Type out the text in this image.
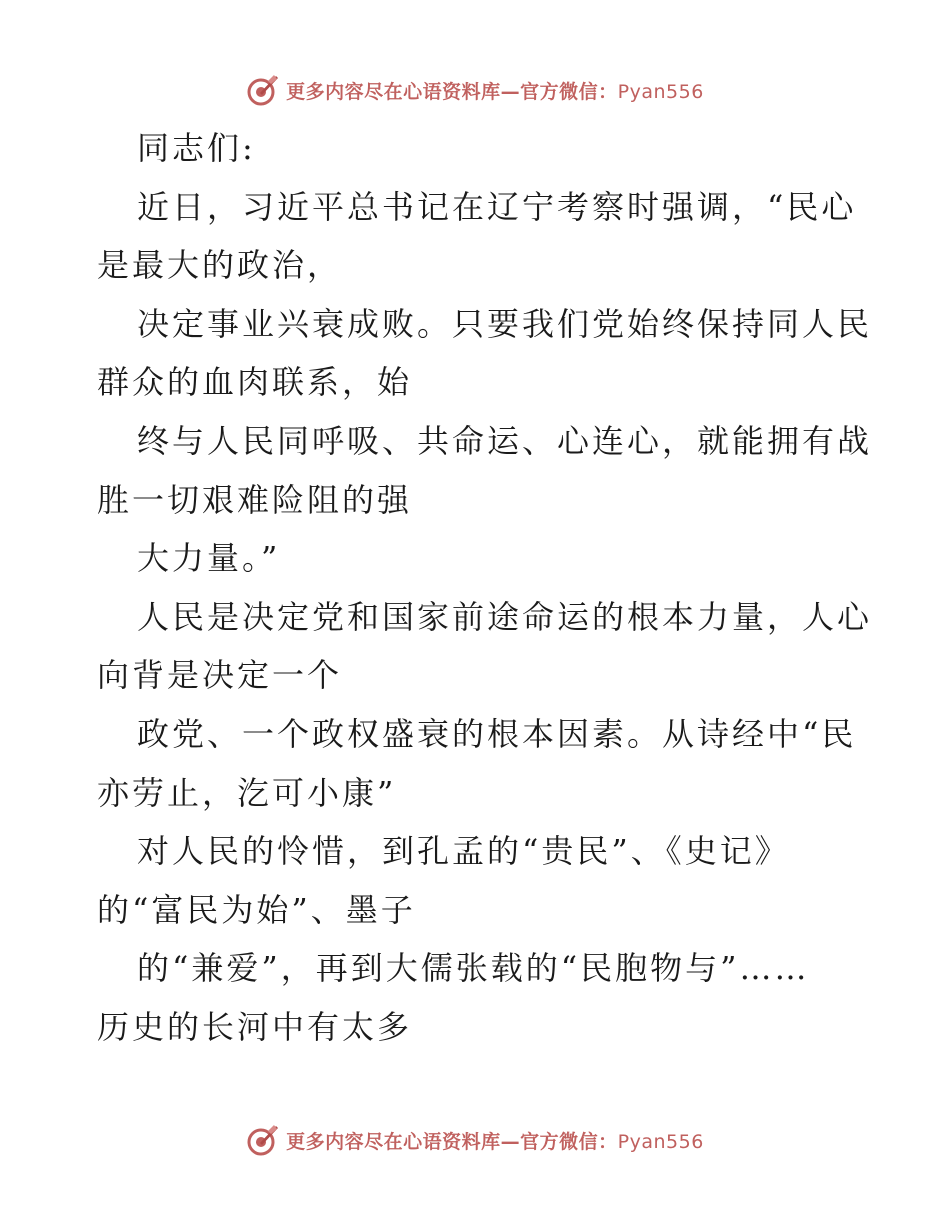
更多内容尽在心语资料库—官方微信：Pyan556
同志们:
近日，习近平总书记在辽宁考察时强调，“民心
是最大的政治，
决定事业兴衰成败。只要我们党始终保持同人民
群众的血肉联系，始
终与人民同呼吸、共命运、心连心，就能拥有战
胜一切艰难险阻的强
大力量。”
人民是决定党和国家前途命运的根本力量，人心
向背是决定一个
政党、一个政权盛衰的根本因素。从诗经中“民
亦劳止，汔可小康”
对人民的怜惜，到孔孟的“贵民”、《史记》
的“富民为始”、墨子
的“兼爱”，再到大儒张载的“民胞物与”……
历史的长河中有太多
更多内容尽在心语资料库—官方微信：Pyan556
